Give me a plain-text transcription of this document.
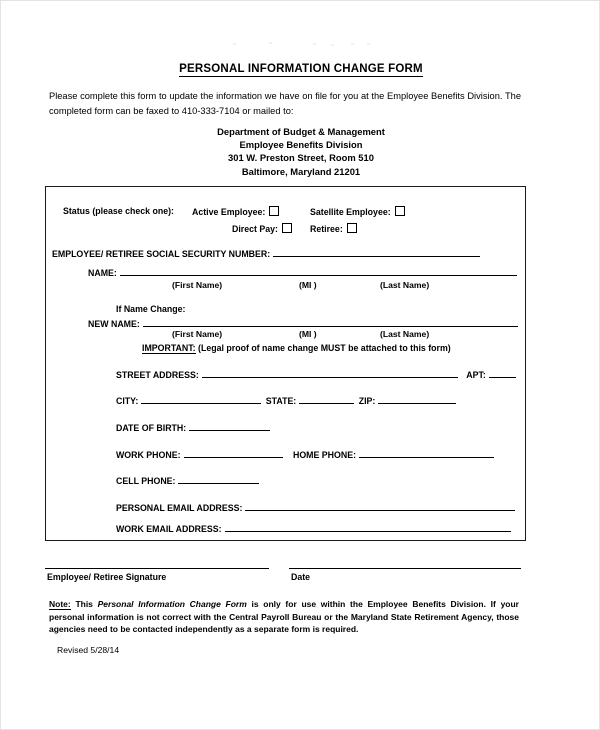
PERSONAL INFORMATION CHANGE FORM
Please complete this form to update the information we have on file for you at the Employee Benefits Division. The completed form can be faxed to 410-333-7104 or mailed to:
Department of Budget & Management
Employee Benefits Division
301 W. Preston Street, Room 510
Baltimore, Maryland 21201
Status (please check one): Active Employee:	Satellite Employee:
Direct Pay:	Retiree:
EMPLOYEE/ RETIREE SOCIAL SECURITY NUMBER:
NAME:
(First Name)	(MI )	(Last Name)
If Name Change:
NEW NAME:
(First Name)	(MI )	(Last Name)
IMPORTANT: (Legal proof of name change MUST be attached to this form)
STREET ADDRESS:	APT:
CITY:	STATE:	ZIP:
DATE OF BIRTH:
WORK PHONE:	HOME PHONE:
CELL PHONE:
PERSONAL EMAIL ADDRESS:
WORK EMAIL ADDRESS:
Employee/ Retiree Signature	Date
Note: This Personal Information Change Form is only for use within the Employee Benefits Division. If your personal information is not correct with the Central Payroll Bureau or the Maryland State Retirement Agency, those agencies need to be contacted independently as a separate form is required.
Revised 5/28/14
